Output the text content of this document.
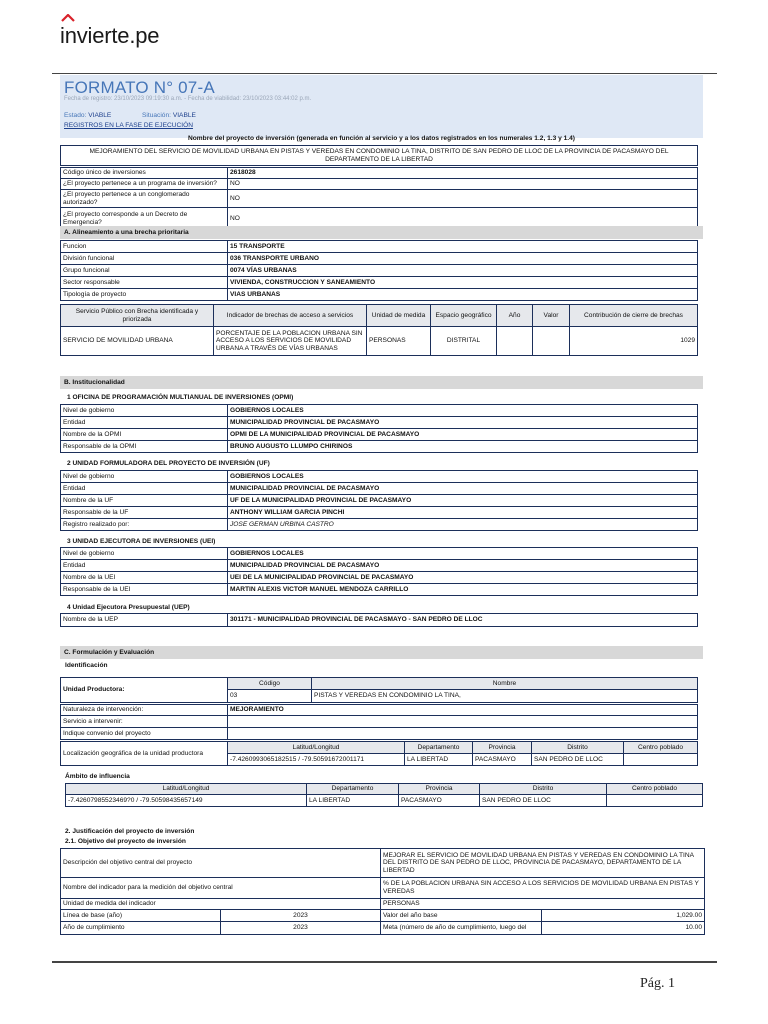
invierte.pe
FORMATO N° 07-A
Fecha de registro: 23/10/2023 09:19:30 a.m. - Fecha de viabilidad: 23/10/2023 03:44:02 p.m.
Estado: VIABLE	Situación: VIABLE
REGISTROS EN LA FASE DE EJECUCIÓN
Nombre del proyecto de inversión (generada en función al servicio y a los datos registrados en los numerales 1.2, 1.3 y 1.4)
MEJORAMIENTO DEL SERVICIO DE MOVILIDAD URBANA EN PISTAS Y VEREDAS EN CONDOMINIO LA TINA, DISTRITO DE SAN PEDRO DE LLOC DE LA PROVINCIA DE PACASMAYO DEL DEPARTAMENTO DE LA LIBERTAD
Código único de inversiones	2618028
¿El proyecto pertenece a un programa de inversión?	NO
¿El proyecto pertenece a un conglomerado autorizado?	NO
¿El proyecto corresponde a un Decreto de Emergencia?	NO
A. Alineamiento a una brecha prioritaria
Funcion	15 TRANSPORTE
División funcional	036 TRANSPORTE URBANO
Grupo funcional	0074 VÍAS URBANAS
Sector responsable	VIVIENDA, CONSTRUCCION Y SANEAMIENTO
Tipología de proyecto	VIAS URBANAS
Servicio Público con Brecha identificada y priorizada	Indicador de brechas de acceso a servicios	Unidad de medida	Espacio geográfico	Año	Valor	Contribución de cierre de brechas
SERVICIO DE MOVILIDAD URBANA	PORCENTAJE DE LA POBLACION URBANA SIN ACCESO A LOS SERVICIOS DE MOVILIDAD URBANA A TRAVÉS DE VÍAS URBANAS	PERSONAS	DISTRITAL			1029
B. Institucionalidad
1 OFICINA DE PROGRAMACIÓN MULTIANUAL DE INVERSIONES (OPMI)
Nivel de gobierno	GOBIERNOS LOCALES
Entidad	MUNICIPALIDAD PROVINCIAL DE PACASMAYO
Nombre de la OPMI	OPMI DE LA MUNICIPALIDAD PROVINCIAL DE PACASMAYO
Responsable de la OPMI	BRUNO AUGUSTO LLUMPO CHIRINOS
2 UNIDAD FORMULADORA DEL PROYECTO DE INVERSIÓN (UF)
Nivel de gobierno	GOBIERNOS LOCALES
Entidad	MUNICIPALIDAD PROVINCIAL DE PACASMAYO
Nombre de la UF	UF DE LA MUNICIPALIDAD PROVINCIAL DE PACASMAYO
Responsable de la UF	ANTHONY WILLIAM GARCIA PINCHI
Registro realizado por:	JOSE GERMAN URBINA CASTRO
3 UNIDAD EJECUTORA DE INVERSIONES (UEI)
Nivel de gobierno	GOBIERNOS LOCALES
Entidad	MUNICIPALIDAD PROVINCIAL DE PACASMAYO
Nombre de la UEI	UEI DE LA MUNICIPALIDAD PROVINCIAL DE PACASMAYO
Responsable de la UEI	MARTIN ALEXIS VICTOR MANUEL MENDOZA CARRILLO
4 Unidad Ejecutora Presupuestal (UEP)
Nombre de la UEP	301171 - MUNICIPALIDAD PROVINCIAL DE PACASMAYO - SAN PEDRO DE LLOC
C. Formulación y Evaluación
Identificación
Unidad Productora:	Código	Nombre
	03	PISTAS Y VEREDAS EN CONDOMINIO LA TINA,
Naturaleza de intervención:	MEJORAMIENTO
Servicio a intervenir:	
Indique convenio del proyecto	
Localización geográfica de la unidad productora	Latitud/Longitud	Departamento	Provincia	Distrito	Centro poblado
	-7.4260993065182515 / -79.50591672001171	LA LIBERTAD	PACASMAYO	SAN PEDRO DE LLOC	
Ámbito de influencia
Latitud/Longitud	Departamento	Provincia	Distrito	Centro poblado
-7.42607985523469?0 / -79.50598435657149	LA LIBERTAD	PACASMAYO	SAN PEDRO DE LLOC	
2. Justificación del proyecto de inversión
2.1. Objetivo del proyecto de inversión
Descripción del objetivo central del proyecto		MEJORAR EL SERVICIO DE MOVILIDAD URBANA EN PISTAS Y VEREDAS EN CONDOMINIO LA TINA DEL DISTRITO DE SAN PEDRO DE LLOC, PROVINCIA DE PACASMAYO, DEPARTAMENTO DE LA LIBERTAD	
Nombre del indicador para la medición del objetivo central		% DE LA POBLACION URBANA SIN ACCESO A LOS SERVICIOS DE MOVILIDAD URBANA EN PISTAS Y VEREDAS	
Unidad de medida del indicador		PERSONAS	
Línea de base (año)	2023	Valor del año base	1,029.00
Año de cumplimiento	2023	Meta (número de año de cumplimiento, luego del	10.00
Pág. 1
